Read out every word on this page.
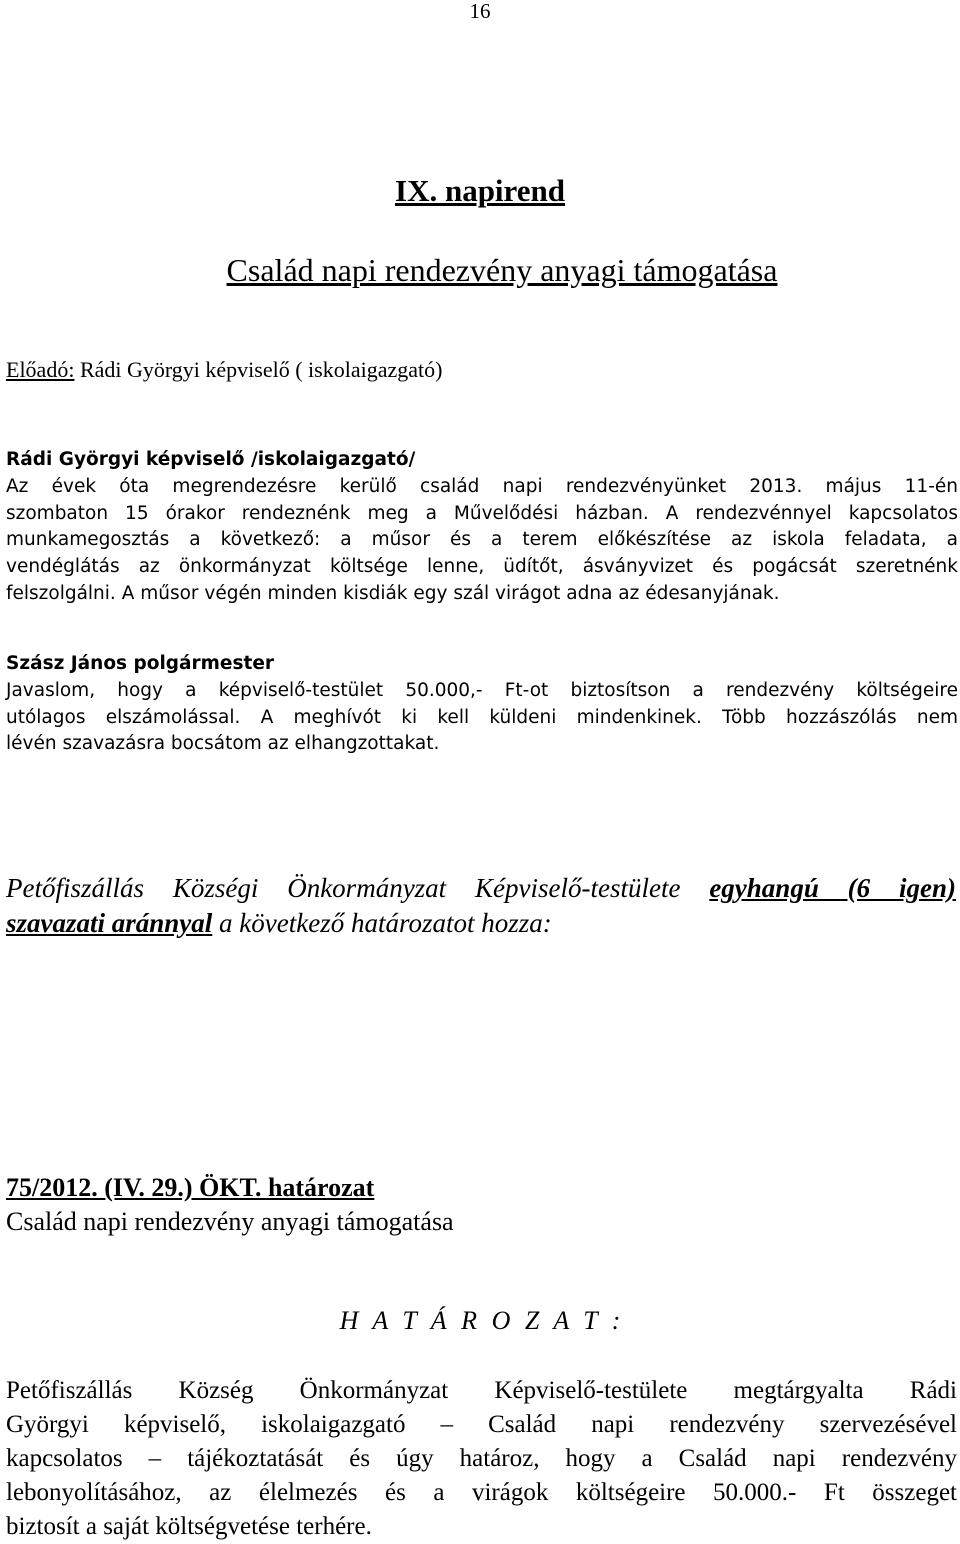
16
IX. napirend
Család napi rendezvény anyagi támogatása
Előadó: Rádi Györgyi képviselő ( iskolaigazgató)
Rádi Györgyi képviselő /iskolaigazgató/
Az évek óta megrendezésre kerülő család napi rendezvényünket 2013. május 11-én
szombaton 15 órakor rendeznénk meg a Művelődési házban. A rendezvénnyel kapcsolatos
munkamegosztás a következő: a műsor és a terem előkészítése az iskola feladata, a
vendéglátás az önkormányzat költsége lenne, üdítőt, ásványvizet és pogácsát szeretnénk
felszolgálni. A műsor végén minden kisdiák egy szál virágot adna az édesanyjának.
Szász János polgármester
Javaslom, hogy a képviselő-testület 50.000,- Ft-ot biztosítson a rendezvény költségeire
utólagos elszámolással. A meghívót ki kell küldeni mindenkinek. Több hozzászólás nem
lévén szavazásra bocsátom az elhangzottakat.
Petőfiszállás Községi Önkormányzat Képviselő-testülete egyhangú (6 igen)
szavazati aránnyal a következő határozatot hozza:
75/2012. (IV. 29.) ÖKT. határozat
Család napi rendezvény anyagi támogatása
H A T Á R O Z A T :
Petőfiszállás Község Önkormányzat Képviselő-testülete megtárgyalta Rádi
Györgyi képviselő, iskolaigazgató – Család napi rendezvény szervezésével
kapcsolatos – tájékoztatását és úgy határoz, hogy a Család napi rendezvény
lebonyolításához, az élelmezés és a virágok költségeire 50.000.- Ft összeget
biztosít a saját költségvetése terhére.
